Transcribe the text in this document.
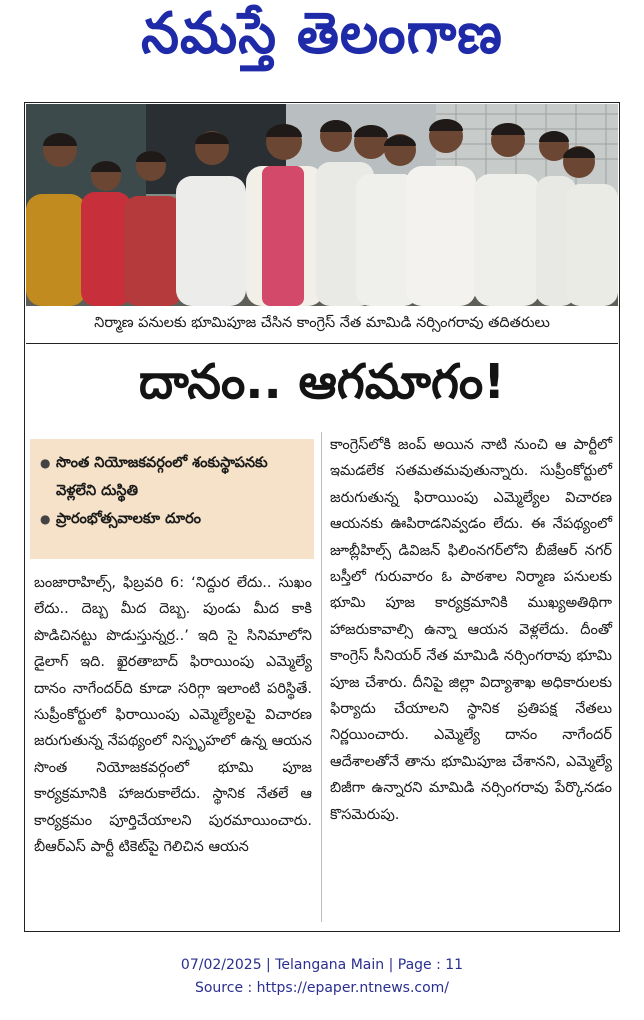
నమస్తే తెలంగాణ
నిర్మాణ పనులకు భూమిపూజ చేసిన కాంగ్రెస్ నేత మామిడి నర్సింగరావు తదితరులు
దానం.. ఆగమాగం!
● సొంత నియోజకవర్గంలో శంకుస్థాపనకు వెళ్లలేని దుస్థితి
● ప్రారంభోత్సవాలకూ దూరం

బంజారాహిల్స్, ఫిబ్రవరి 6: ‘నిద్దుర లేదు.. సుఖం లేదు.. దెబ్బ మీద దెబ్బ. పుండు మీద కాకి పొడిచినట్టు పొడుస్తున్నర్ర..’ ఇది సై సినిమాలోని డైలాగ్ ఇది. ఖైరతాబాద్ ఫిరాయింపు ఎమ్మెల్యే దానం నాగేందర్‌ది కూడా సరిగ్గా ఇలాంటి పరిస్థితే. సుప్రీంకోర్టులో ఫిరాయింపు ఎమ్మెల్యేలపై విచారణ జరుగుతున్న నేపథ్యంలో నిస్పృహలో ఉన్న ఆయన సొంత నియోజకవర్గంలో భూమి పూజ కార్యక్రమానికి హాజరుకాలేదు. స్థానిక నేతలే ఆ కార్యక్రమం పూర్తిచేయాలని పురమాయించారు. బీఆర్‌ఎస్ పార్టీ టికెట్‌పై గెలిచిన ఆయన

కాంగ్రెస్‌లోకి జంప్ అయిన నాటి నుంచి ఆ పార్టీలో ఇమడలేక సతమతమవుతున్నారు. సుప్రీంకోర్టులో జరుగుతున్న ఫిరాయింపు ఎమ్మెల్యేల విచారణ ఆయనకు ఊపిరాడనివ్వడం లేదు. ఈ నేపథ్యంలో జూబ్లీహిల్స్ డివిజన్ ఫిలింనగర్‌లోని బీజేఆర్ నగర్ బస్తీలో గురువారం ఓ పాఠశాల నిర్మాణ పనులకు భూమి పూజ కార్యక్రమానికి ముఖ్యఅతిథిగా హాజరుకావాల్సి ఉన్నా ఆయన వెళ్లలేదు. దీంతో కాంగ్రెస్ సీనియర్ నేత మామిడి నర్సింగరావు భూమి పూజ చేశారు. దీనిపై జిల్లా విద్యాశాఖ అధికారులకు ఫిర్యాదు చేయాలని స్థానిక ప్రతిపక్ష నేతలు నిర్ణయించారు. ఎమ్మెల్యే దానం నాగేందర్ ఆదేశాలతోనే తాను భూమిపూజ చేశానని, ఎమ్మెల్యే బిజీగా ఉన్నారని మామిడి నర్సింగరావు పేర్కొనడం కొసమెరుపు.

07/02/2025 | Telangana Main | Page : 11
Source : https://epaper.ntnews.com/
